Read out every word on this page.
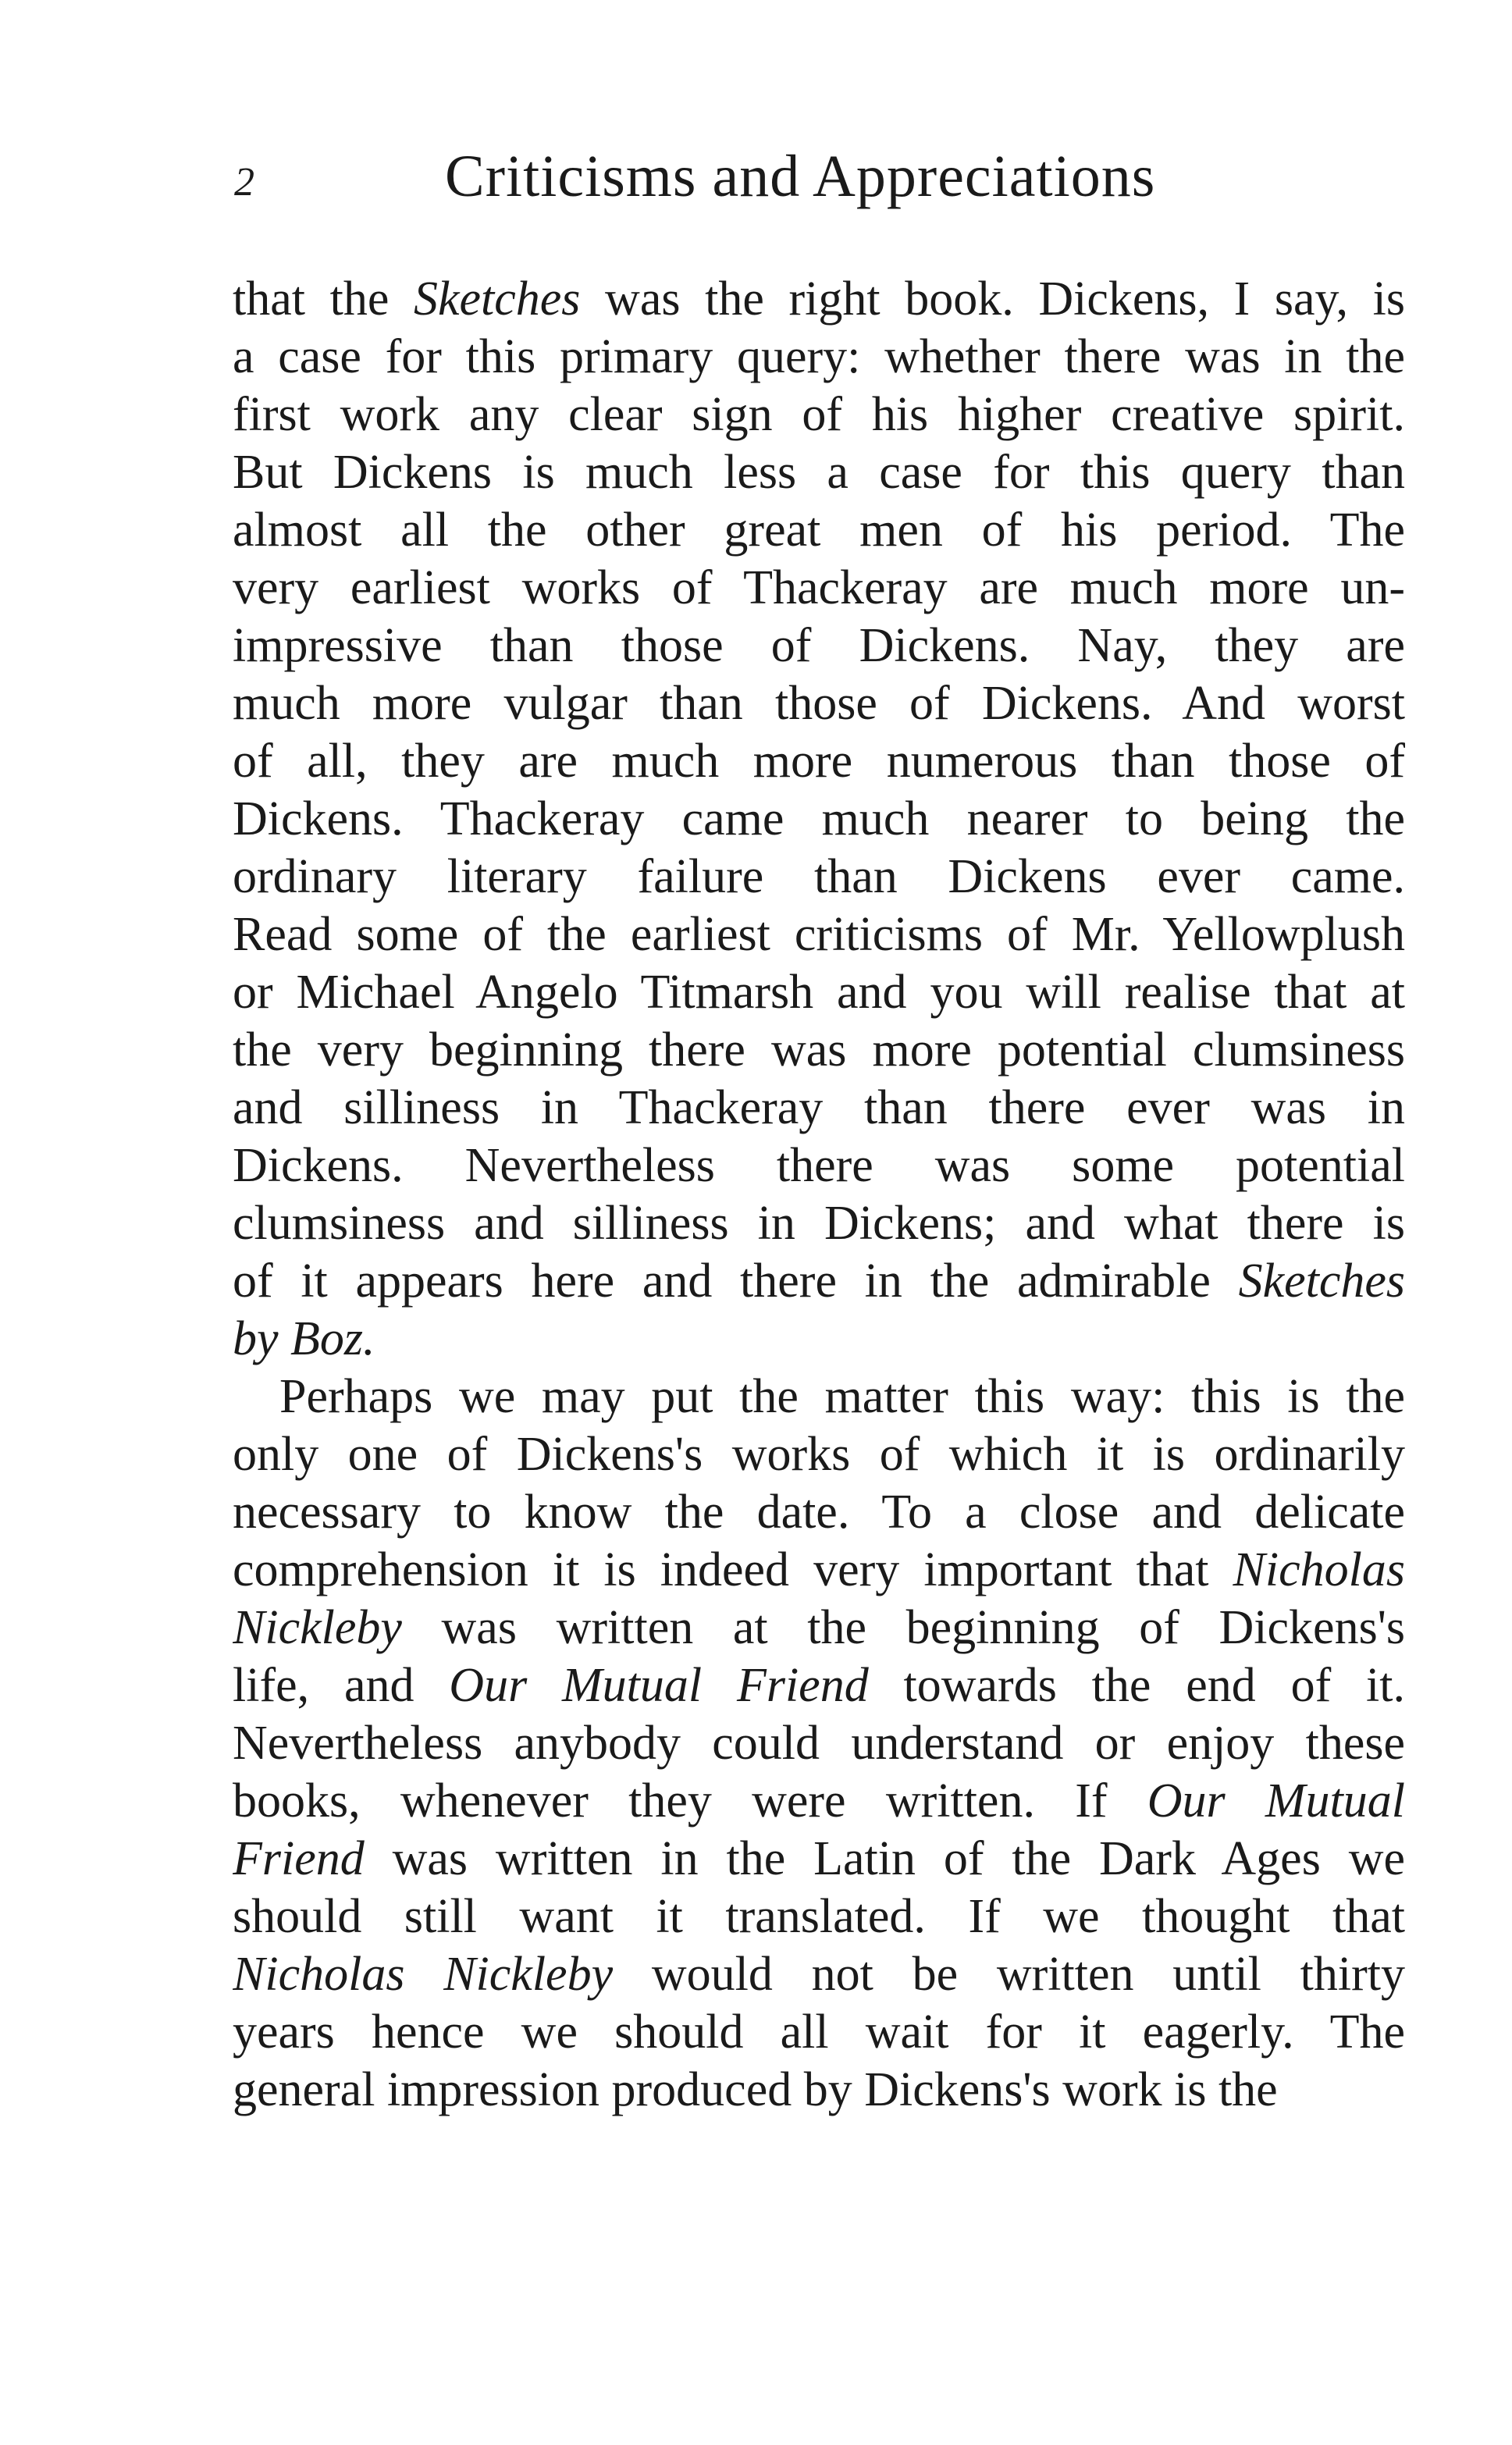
2	Criticisms and Appreciations
that the Sketches was the right book. Dickens, I say, is
a case for this primary query: whether there was in the
first work any clear sign of his higher creative spirit.
But Dickens is much less a case for this query than
almost all the other great men of his period. The
very earliest works of Thackeray are much more un-
impressive than those of Dickens. Nay, they are
much more vulgar than those of Dickens. And worst
of all, they are much more numerous than those of
Dickens. Thackeray came much nearer to being the
ordinary literary failure than Dickens ever came.
Read some of the earliest criticisms of Mr. Yellowplush
or Michael Angelo Titmarsh and you will realise that at
the very beginning there was more potential clumsiness
and silliness in Thackeray than there ever was in
Dickens. Nevertheless there was some potential
clumsiness and silliness in Dickens; and what there is
of it appears here and there in the admirable Sketches
by Boz.
Perhaps we may put the matter this way: this is the
only one of Dickens's works of which it is ordinarily
necessary to know the date. To a close and delicate
comprehension it is indeed very important that Nicholas
Nickleby was written at the beginning of Dickens's
life, and Our Mutual Friend towards the end of it.
Nevertheless anybody could understand or enjoy these
books, whenever they were written. If Our Mutual
Friend was written in the Latin of the Dark Ages we
should still want it translated. If we thought that
Nicholas Nickleby would not be written until thirty
years hence we should all wait for it eagerly. The
general impression produced by Dickens's work is the
